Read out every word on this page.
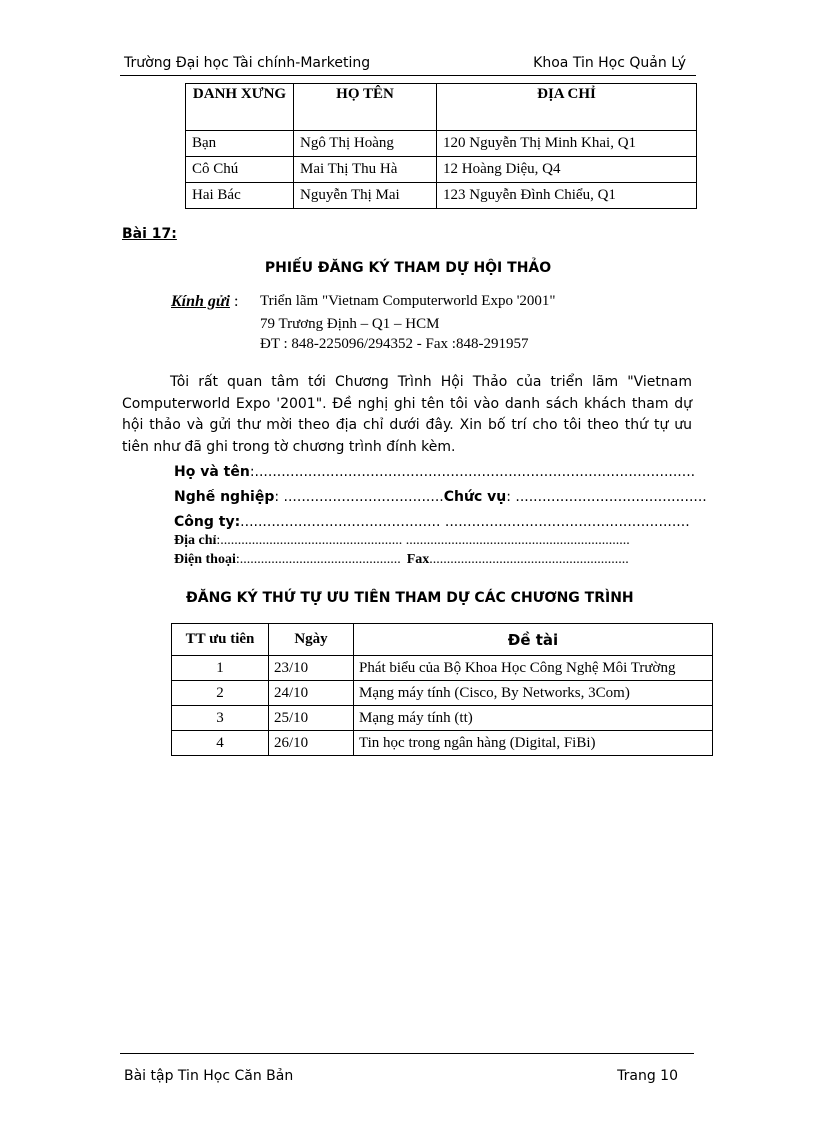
Trường Đại học Tài chính-Marketing	Khoa Tin Học Quản Lý
DANH XƯNG	HỌ TÊN	ĐỊA CHỈ
Bạn	Ngô Thị Hoàng	120 Nguyễn Thị Minh Khai, Q1
Cô Chú	Mai Thị Thu Hà	12 Hoàng Diệu, Q4
Hai Bác	Nguyễn Thị Mai	123 Nguyễn Đình Chiểu, Q1
Bài 17:
PHIẾU ĐĂNG KÝ THAM DỰ HỘI THẢO
Kính gửi : Triển lãm "Vietnam Computerworld Expo '2001"
79 Trương Định – Q1 – HCM
ĐT : 848-225096/294352 - Fax :848-291957
Tôi rất quan tâm tới Chương Trình Hội Thảo của triển lãm "Vietnam Computerworld Expo '2001". Đề nghị ghi tên tôi vào danh sách khách tham dự hội thảo và gửi thư mời theo địa chỉ dưới đây. Xin bố trí cho tôi theo thứ tự ưu tiên như đã ghi trong tờ chương trình đính kèm.
Họ và tên :...................................................................................................
Nghề nghiệp : .................................... Chức vụ : ...........................................
Công ty: ............................................. .......................................................
Địa chỉ :.................................................... ................................................................
Điện thoại :.............................................. Fax .........................................................
ĐĂNG KÝ THỨ TỰ ƯU TIÊN THAM DỰ CÁC CHƯƠNG TRÌNH
TT ưu tiên	Ngày	Đề tài
1	23/10	Phát biểu của Bộ Khoa Học Công Nghệ Môi Trường
2	24/10	Mạng máy tính (Cisco, By Networks, 3Com)
3	25/10	Mạng máy tính (tt)
4	26/10	Tin học trong ngân hàng (Digital, FiBi)
Bài tập Tin Học Căn Bản	Trang 10
